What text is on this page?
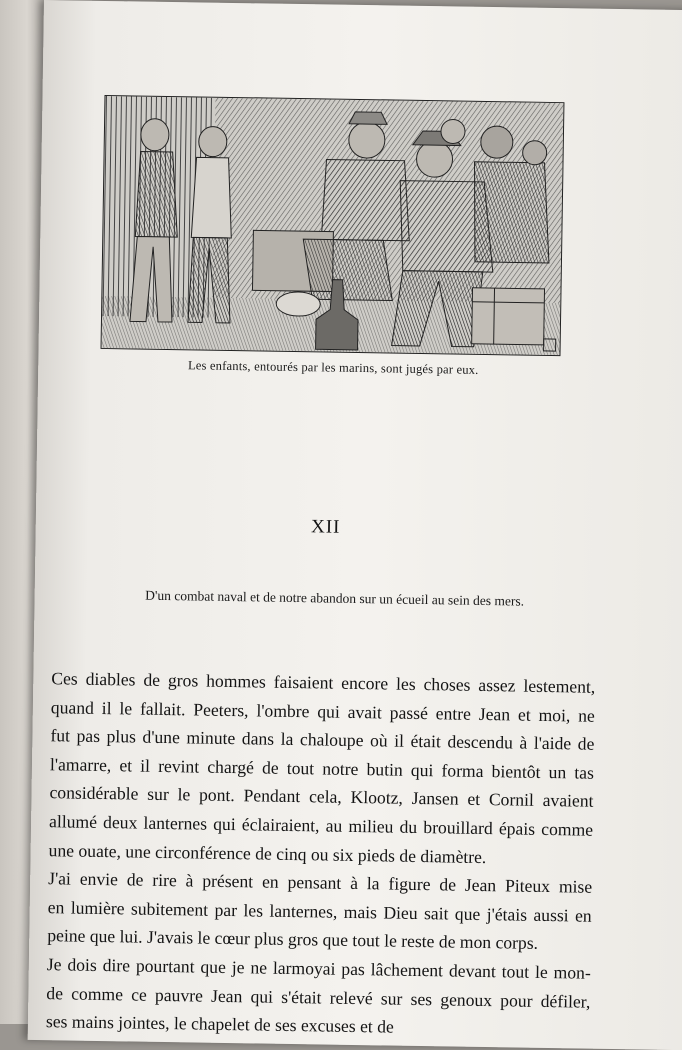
Les enfants, entourés par les marins, sont jugés par eux.
XII
D'un combat naval et de notre abandon sur un écueil au sein des mers.

Ces diables de gros hommes faisaient encore les choses assez lestement,
quand il le fallait. Peeters, l'ombre qui avait passé entre Jean et moi, ne
fut pas plus d'une minute dans la chaloupe où il était descendu à l'aide de
l'amarre, et il revint chargé de tout notre butin qui forma bientôt un tas
considérable sur le pont. Pendant cela, Klootz, Jansen et Cornil avaient
allumé deux lanternes qui éclairaient, au milieu du brouillard épais comme
une ouate, une circonférence de cinq ou six pieds de diamètre.

J'ai envie de rire à présent en pensant à la figure de Jean Piteux mise
en lumière subitement par les lanternes, mais Dieu sait que j'étais aussi en
peine que lui. J'avais le cœur plus gros que tout le reste de mon corps.

Je dois dire pourtant que je ne larmoyai pas lâchement devant tout le mon-
de comme ce pauvre Jean qui s'était relevé sur ses genoux pour défiler,
ses mains jointes, le chapelet de ses excuses et de
